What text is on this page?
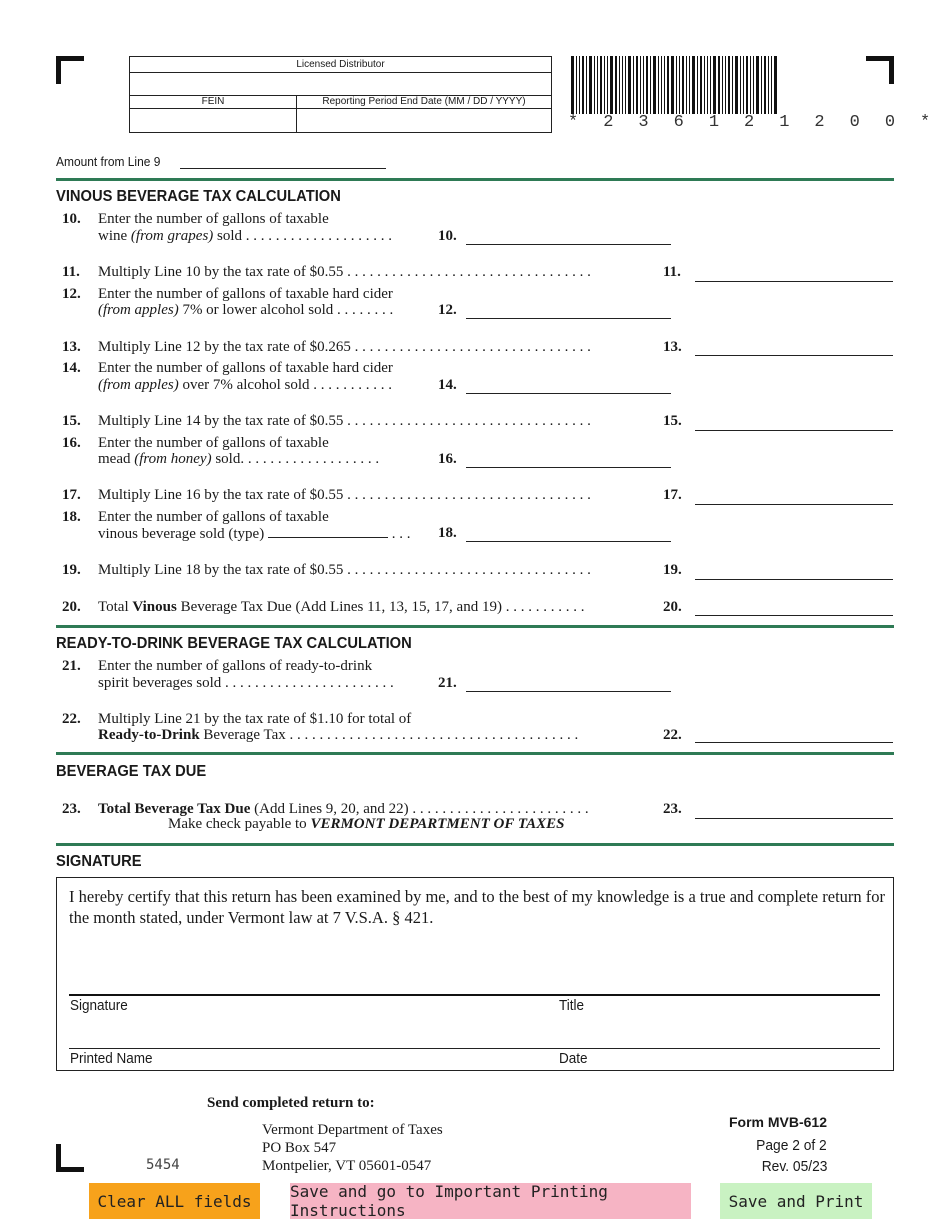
Licensed Distributor
FEIN	Reporting Period End Date (MM / DD / YYYY)
* 2 3 6 1 2 1 2 0 0 *
Amount from Line 9
VINOUS BEVERAGE TAX CALCULATION
10. Enter the number of gallons of taxable
wine (from grapes) sold . . . . . . . . . . . . . . . . . . . .	10.
11. Multiply Line 10 by the tax rate of $0.55 . . . . . . . . . . . . . . . . . . . . . . . . . . . . . . . . .	11.
12. Enter the number of gallons of taxable hard cider
(from apples) 7% or lower alcohol sold . . . . . . . .	12.
13. Multiply Line 12 by the tax rate of $0.265 . . . . . . . . . . . . . . . . . . . . . . . . . . . . . . . .	13.
14. Enter the number of gallons of taxable hard cider
(from apples) over 7% alcohol sold . . . . . . . . . . .	14.
15. Multiply Line 14 by the tax rate of $0.55 . . . . . . . . . . . . . . . . . . . . . . . . . . . . . . . . .	15.
16. Enter the number of gallons of taxable
mead (from honey) sold. . . . . . . . . . . . . . . . . . .	16.
17. Multiply Line 16 by the tax rate of $0.55 . . . . . . . . . . . . . . . . . . . . . . . . . . . . . . . . .	17.
18. Enter the number of gallons of taxable
vinous beverage sold (type)	. . . 18.
19. Multiply Line 18 by the tax rate of $0.55 . . . . . . . . . . . . . . . . . . . . . . . . . . . . . . . . .	19.
20. Total Vinous Beverage Tax Due (Add Lines 11, 13, 15, 17, and 19) . . . . . . . . . . .	20.
READY-TO-DRINK BEVERAGE TAX CALCULATION
21. Enter the number of gallons of ready-to-drink
spirit beverages sold . . . . . . . . . . . . . . . . . . . . . . .	21.
22. Multiply Line 21 by the tax rate of $1.10 for total of
Ready-to-Drink Beverage Tax . . . . . . . . . . . . . . . . . . . . . . . . . . . . . . . . . . . . . . .	22.
BEVERAGE TAX DUE
23. Total Beverage Tax Due (Add Lines 9, 20, and 22) . . . . . . . . . . . . . . . . . . . . . . . .	23.
Make check payable to VERMONT DEPARTMENT OF TAXES
SIGNATURE
I hereby certify that this return has been examined by me, and to the best of my knowledge is a true and complete return for the month stated, under Vermont law at 7 V.S.A. § 421.
Signature	Title
Printed Name	Date
Send completed return to:
Vermont Department of Taxes
PO Box 547
Montpelier, VT 05601-0547
5454
Form MVB-612
Page 2 of 2
Rev. 05/23
Clear ALL fields	Save and go to Important Printing Instructions	Save and Print
